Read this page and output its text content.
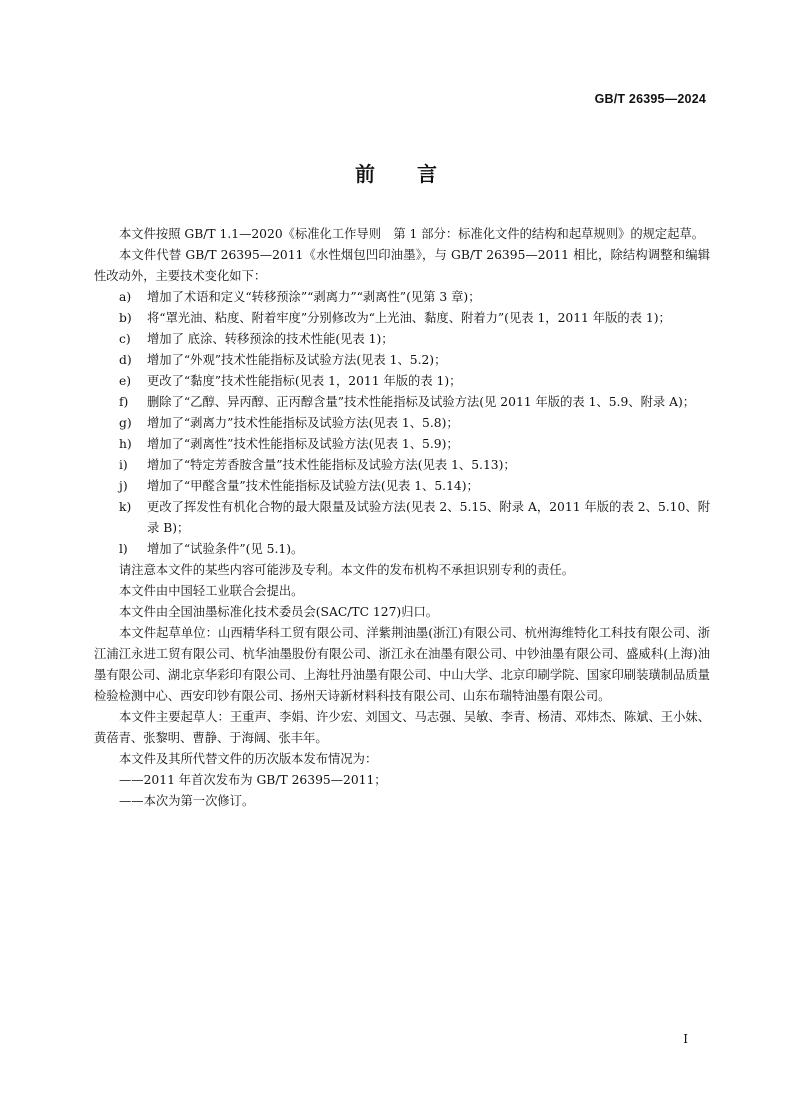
GB/T 26395—2024
前言

本文件按照 GB/T 1.1—2020《标准化工作导则　第 1 部分：标准化文件的结构和起草规则》的规定起草。

本文件代替 GB/T 26395—2011《水性烟包凹印油墨》，与 GB/T 26395—2011 相比，除结构调整和编辑性改动外，主要技术变化如下：

a)	增加了术语和定义“转移预涂”“剥离力”“剥离性”(见第 3 章)；
b)	将“罩光油、粘度、附着牢度”分别修改为“上光油、黏度、附着力”(见表 1，2011 年版的表 1)；
c)	增加了 底涂、转移预涂的技术性能(见表 1)；
d)	增加了“外观”技术性能指标及试验方法(见表 1、5.2)；
e)	更改了“黏度”技术性能指标(见表 1，2011 年版的表 1)；
f)	删除了“乙醇、异丙醇、正丙醇含量”技术性能指标及试验方法(见 2011 年版的表 1、5.9、附录 A)；
g)	增加了“剥离力”技术性能指标及试验方法(见表 1、5.8)；
h)	增加了“剥离性”技术性能指标及试验方法(见表 1、5.9)；
i)	增加了“特定芳香胺含量”技术性能指标及试验方法(见表 1、5.13)；
j)	增加了“甲醛含量”技术性能指标及试验方法(见表 1、5.14)；
k)	更改了挥发性有机化合物的最大限量及试验方法(见表 2、5.15、附录 A，2011 年版的表 2、5.10、附录 B)；
l)	增加了“试验条件”(见 5.1)。

请注意本文件的某些内容可能涉及专利。本文件的发布机构不承担识别专利的责任。

本文件由中国轻工业联合会提出。

本文件由全国油墨标准化技术委员会(SAC/TC 127)归口。

本文件起草单位：山西精华科工贸有限公司、洋紫荆油墨(浙江)有限公司、杭州海维特化工科技有限公司、浙江浦江永进工贸有限公司、杭华油墨股份有限公司、浙江永在油墨有限公司、中钞油墨有限公司、盛威科(上海)油墨有限公司、湖北京华彩印有限公司、上海牡丹油墨有限公司、中山大学、北京印刷学院、国家印刷装璜制品质量检验检测中心、西安印钞有限公司、扬州天诗新材料科技有限公司、山东布瑞特油墨有限公司。

本文件主要起草人：王重声、李娟、许少宏、刘国文、马志强、吴敏、李青、杨清、邓炜杰、陈斌、王小妹、黄蓓青、张黎明、曹静、于海阔、张丰年。

本文件及其所代替文件的历次版本发布情况为：

——2011 年首次发布为 GB/T 26395—2011；

——本次为第一次修订。

I
